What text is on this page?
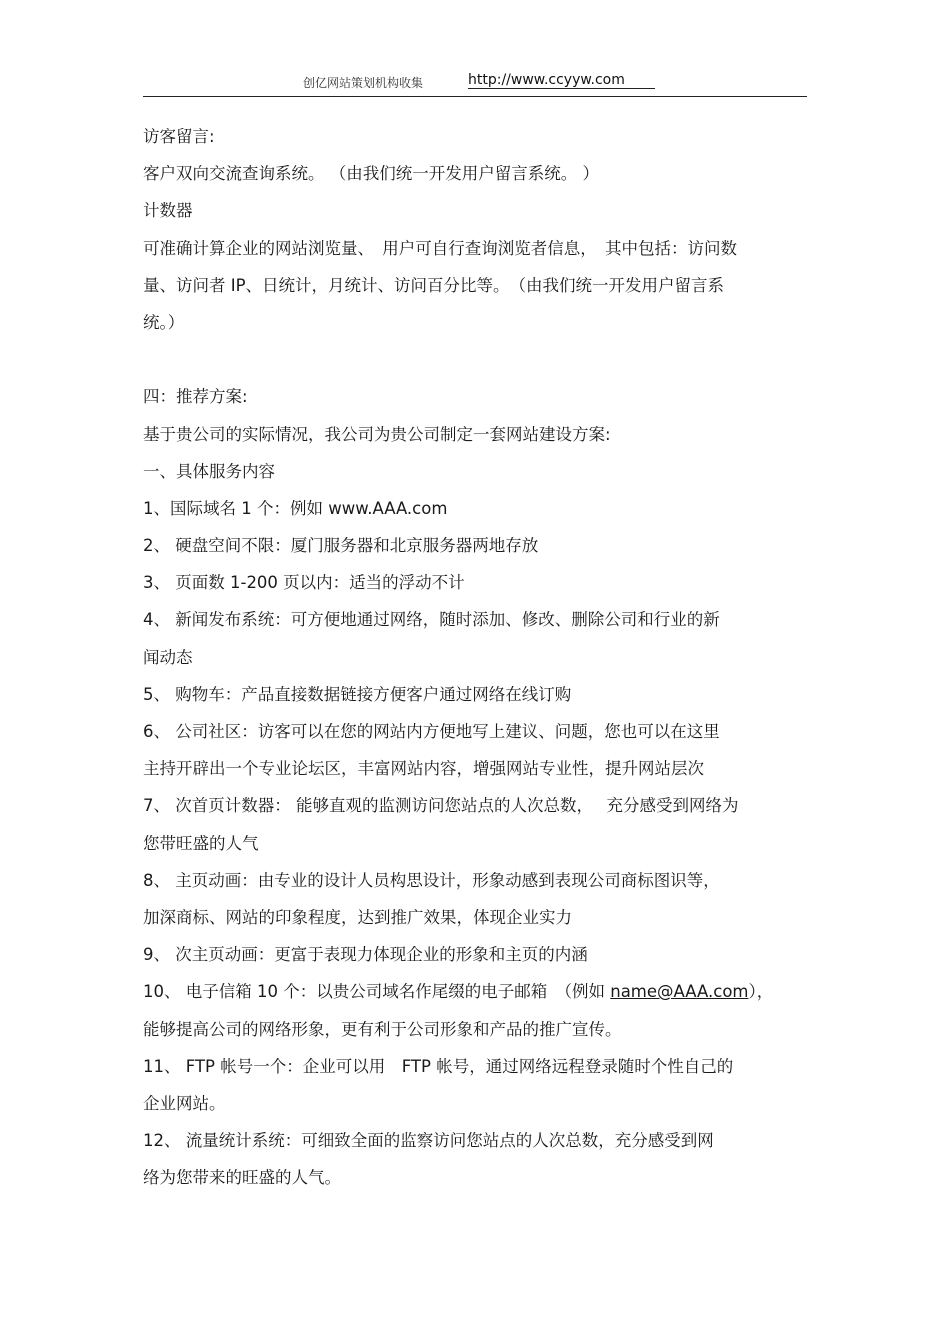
创亿网站策划机构收集	http://www.ccyyw.com
访客留言:
客户双向交流查询系统。 （由我们统一开发用户留言系统。 ）
计数器
可准确计算企业的网站浏览量、　用户可自行查询浏览者信息，　其中包括：访问数
量、访问者 IP、日统计，月统计、访问百分比等。　（由我们统一开发用户留言系
统。）
四：推荐方案:
基于贵公司的实际情况，我公司为贵公司制定一套网站建设方案:
一、具体服务内容
1、国际域名 1 个：例如 www.AAA.com
2、 硬盘空间不限：厦门服务器和北京服务器两地存放
3、 页面数 1-200 页以内：适当的浮动不计
4、 新闻发布系统：可方便地通过网络，随时添加、修改、删除公司和行业的新
闻动态
5、 购物车：产品直接数据链接方便客户通过网络在线订购
6、 公司社区：访客可以在您的网站内方便地写上建议、问题，您也可以在这里
主持开辟出一个专业论坛区，丰富网站内容，增强网站专业性，提升网站层次
7、 次首页计数器： 能够直观的监测访问您站点的人次总数，　 充分感受到网络为
您带旺盛的人气
8、 主页动画：由专业的设计人员构思设计，形象动感到表现公司商标图识等，
加深商标、网站的印象程度，达到推广效果，体现企业实力
9、 次主页动画：更富于表现力体现企业的形象和主页的内涵
10、 电子信箱 10 个：以贵公司域名作尾缀的电子邮箱　（例如 name@AAA.com），
能够提高公司的网络形象，更有利于公司形象和产品的推广宣传。
11、 FTP 帐号一个：企业可以用　FTP 帐号，通过网络远程登录随时个性自己的
企业网站。
12、 流量统计系统：可细致全面的监察访问您站点的人次总数，充分感受到网
络为您带来的旺盛的人气。
